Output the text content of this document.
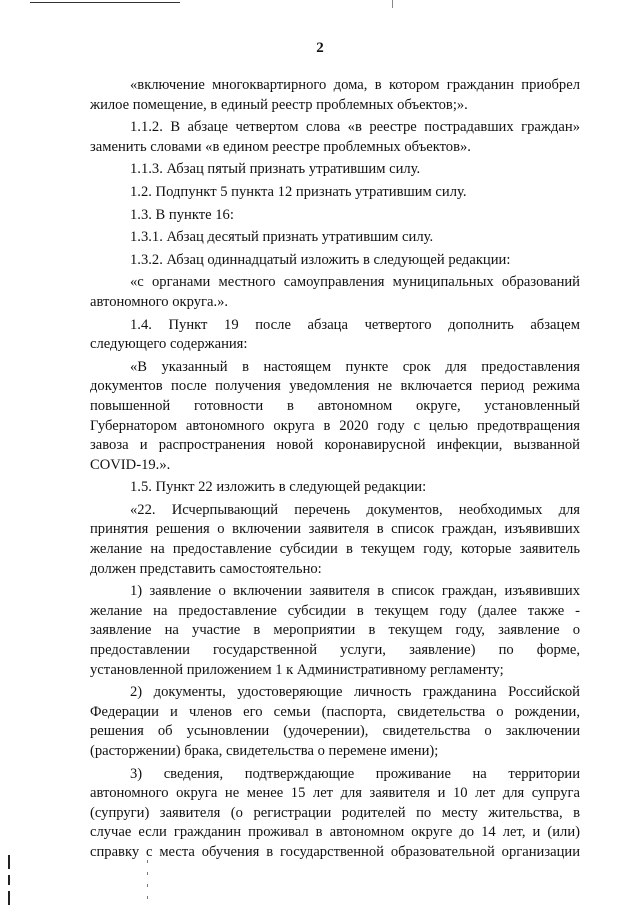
2
«включение многоквартирного дома, в котором гражданин приобрел
жилое помещение, в единый реестр проблемных объектов;».
1.1.2. В абзаце четвертом слова «в реестре пострадавших граждан»
заменить словами «в едином реестре проблемных объектов».
1.1.3. Абзац пятый признать утратившим силу.
1.2. Подпункт 5 пункта 12 признать утратившим силу.
1.3. В пункте 16:
1.3.1. Абзац десятый признать утратившим силу.
1.3.2. Абзац одиннадцатый изложить в следующей редакции:
«с органами местного самоуправления муниципальных образований
автономного округа.».
1.4. Пункт 19 после абзаца четвертого дополнить абзацем
следующего содержания:
«В указанный в настоящем пункте срок для предоставления
документов после получения уведомления не включается период режима
повышенной готовности в автономном округе, установленный
Губернатором автономного округа в 2020 году с целью предотвращения
завоза и распространения новой коронавирусной инфекции, вызванной
COVID-19.».
1.5. Пункт 22 изложить в следующей редакции:
«22. Исчерпывающий перечень документов, необходимых для
принятия решения о включении заявителя в список граждан, изъявивших
желание на предоставление субсидии в текущем году, которые заявитель
должен представить самостоятельно:
1) заявление о включении заявителя в список граждан, изъявивших
желание на предоставление субсидии в текущем году (далее также -
заявление на участие в мероприятии в текущем году, заявление о
предоставлении государственной услуги, заявление) по форме,
установленной приложением 1 к Административному регламенту;
2) документы, удостоверяющие личность гражданина Российской
Федерации и членов его семьи (паспорта, свидетельства о рождении,
решения об усыновлении (удочерении), свидетельства о заключении
(расторжении) брака, свидетельства о перемене имени);
3) сведения, подтверждающие проживание на территории
автономного округа не менее 15 лет для заявителя и 10 лет для супруга
(супруги) заявителя (о регистрации родителей по месту жительства, в
случае если гражданин проживал в автономном округе до 14 лет, и (или)
справку с места обучения в государственной образовательной организации
